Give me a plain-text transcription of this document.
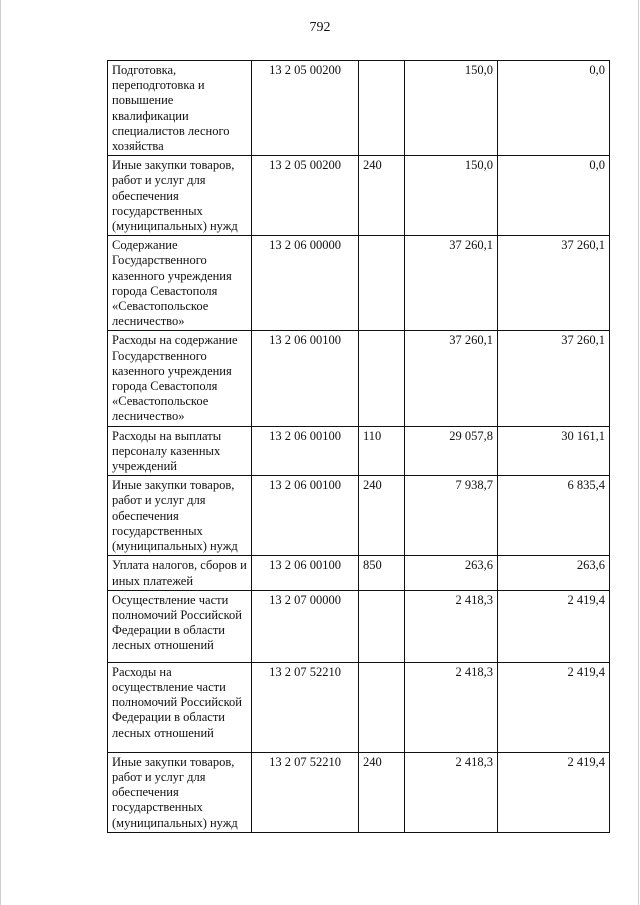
792
Подготовка, переподготовка и повышение квалификации специалистов лесного хозяйства	13 2 05 00200		150,0	0,0
Иные закупки товаров, работ и услуг для обеспечения государственных (муниципальных) нужд	13 2 05 00200	240	150,0	0,0
Содержание Государственного казенного учреждения города Севастополя «Севастопольское лесничество»	13 2 06 00000		37 260,1	37 260,1
Расходы на содержание Государственного казенного учреждения города Севастополя «Севастопольское лесничество»	13 2 06 00100		37 260,1	37 260,1
Расходы на выплаты персоналу казенных учреждений	13 2 06 00100	110	29 057,8	30 161,1
Иные закупки товаров, работ и услуг для обеспечения государственных (муниципальных) нужд	13 2 06 00100	240	7 938,7	6 835,4
Уплата налогов, сборов и иных платежей	13 2 06 00100	850	263,6	263,6
Осуществление части полномочий Российской Федерации в области лесных отношений	13 2 07 00000		2 418,3	2 419,4
Расходы на осуществление части полномочий Российской Федерации в области лесных отношений	13 2 07 52210		2 418,3	2 419,4
Иные закупки товаров, работ и услуг для обеспечения государственных (муниципальных) нужд	13 2 07 52210	240	2 418,3	2 419,4
